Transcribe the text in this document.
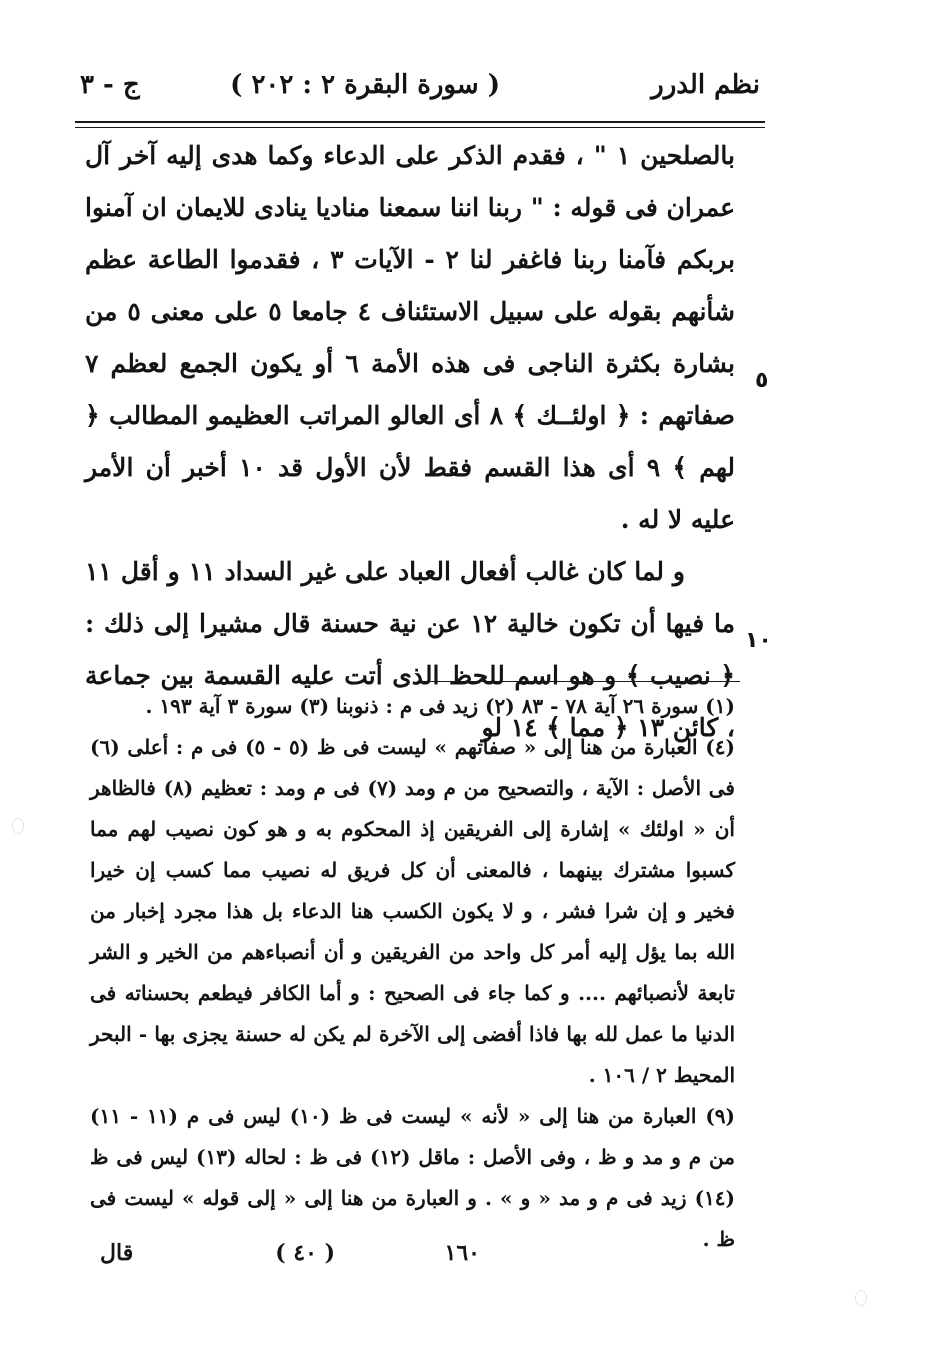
نظم الدرر
( سورة البقرة ٢ : ٢٠٢ )
ج - ٣

بالصلحين ١ " ، فقدم الذكر على الدعاء وكما هدى إليه آخر آل عمران فى قوله : " ربنا اننا سمعنا مناديا ينادى للايمان ان آمنوا بربكم فآمنا ربنا فاغفر لنا ٢ - الآيات ٣ ، فقدموا الطاعة عظم شأنهم بقوله على سبيل الاستئناف ٤ جامعا ٥ على معنى ٥ من بشارة بكثرة الناجى فى هذه الأمة ٦ أو يكون الجمع لعظم ٧ صفاتهم : ﴿ اولئــك ﴾ ٨ أى العالو المراتب العظيمو المطالب ﴿ لهم ﴾ ٩ أى هذا القسم فقط لأن الأول قد ١٠ أخبر أن الأمر عليه لا له .

و لما كان غالب أفعال العباد على غير السداد ١١ و أقل ١١ ما فيها أن تكون خالية ١٢ عن نية حسنة قال مشيرا إلى ذلك : ﴿ نصيب ﴾ و هو اسم للحظ الذى أتت عليه القسمة بين جماعة ، كائن ١٣ ﴿ مما ﴾ ١٤ لو

٥
١٠

(١) سورة ٢٦ آية ٧٨ - ٨٣ (٢) زيد فى م : ذنوبنا (٣) سورة ٣ آية ١٩٣ .

(٤) العبارة من هنا إلى « صفاتهم » ليست فى ظ (٥ - ٥) فى م : أعلى (٦) فى الأصل : الآية ، والتصحيح من م ومد (٧) فى م ومد : تعظيم (٨) فالظاهر أن « اولئك » إشارة إلى الفريقين إذ المحكوم به و هو كون نصيب لهم مما كسبوا مشترك بينهما ، فالمعنى أن كل فريق له نصيب مما كسب إن خيرا فخير و إن شرا فشر ، و لا يكون الكسب هنا الدعاء بل هذا مجرد إخبار من الله بما يؤل إليه أمر كل واحد من الفريقين و أن أنصباءهم من الخير و الشر تابعة لأنصبائهم .... و كما جاء فى الصحيح : و أما الكافر فيطعم بحسناته فى الدنيا ما عمل لله بها فاذا أفضى إلى الآخرة لم يكن له حسنة يجزى بها - البحر المحيط ٢ / ١٠٦ .

(٩) العبارة من هنا إلى « لأنه » ليست فى ظ (١٠) ليس فى م (١١ - ١١) من م و مد و ظ ، وفى الأصل : ماقل (١٢) فى ظ : لحاله (١٣) ليس فى ظ (١٤) زيد فى م و مد « و » . و العبارة من هنا إلى « إلى قوله » ليست فى ظ .

١٦٠
( ٤٠ )
قال
